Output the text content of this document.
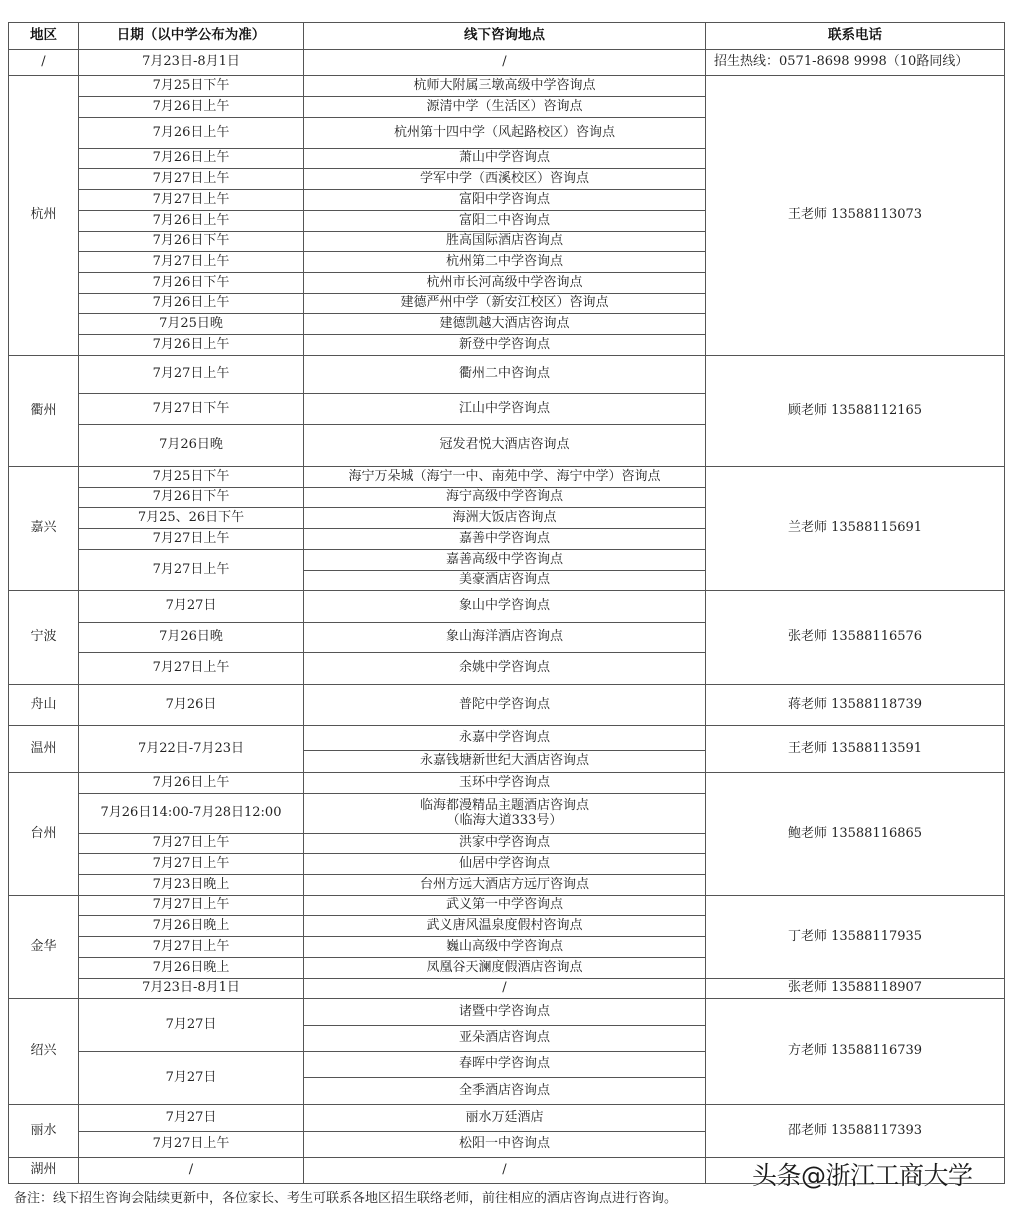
地区	日期（以中学公布为准）	线下咨询地点	联系电话
/	7月23日-8月1日	/	招生热线：0571-8698 9998（10路同线）
杭州	7月25日下午	杭师大附属三墩高级中学咨询点	王老师 13588113073
	7月26日上午	源清中学（生活区）咨询点	
	7月26日上午	杭州第十四中学（风起路校区）咨询点	
	7月26日上午	萧山中学咨询点	
	7月27日上午	学军中学（西溪校区）咨询点	
	7月27日上午	富阳中学咨询点	
	7月26日上午	富阳二中咨询点	
	7月26日下午	胜高国际酒店咨询点	
	7月27日上午	杭州第二中学咨询点	
	7月26日下午	杭州市长河高级中学咨询点	
	7月26日上午	建德严州中学（新安江校区）咨询点	
	7月25日晚	建德凯越大酒店咨询点	
	7月26日上午	新登中学咨询点	
衢州	7月27日上午	衢州二中咨询点	顾老师 13588112165
	7月27日下午	江山中学咨询点	
	7月26日晚	冠发君悦大酒店咨询点	
嘉兴	7月25日下午	海宁万朵城（海宁一中、南苑中学、海宁中学）咨询点	兰老师 13588115691
	7月26日下午	海宁高级中学咨询点	
	7月25、26日下午	海洲大饭店咨询点	
	7月27日上午	嘉善中学咨询点	
	7月27日上午	嘉善高级中学咨询点	
		美豪酒店咨询点	
宁波	7月27日	象山中学咨询点	张老师 13588116576
	7月26日晚	象山海洋酒店咨询点	
	7月27日上午	余姚中学咨询点	
舟山	7月26日	普陀中学咨询点	蒋老师 13588118739
温州	7月22日-7月23日	永嘉中学咨询点	王老师 13588113591
		永嘉钱塘新世纪大酒店咨询点	
台州	7月26日上午	玉环中学咨询点	鲍老师 13588116865
	7月26日14:00-7月28日12:00	临海都漫精品主题酒店咨询点
（临海大道333号）	

	7月27日上午	洪家中学咨询点	
	7月27日上午	仙居中学咨询点	
	7月23日晚上	台州方远大酒店方远厅咨询点	
金华	7月27日上午	武义第一中学咨询点	丁老师 13588117935
	7月26日晚上	武义唐风温泉度假村咨询点	
	7月27日上午	巍山高级中学咨询点	
	7月26日晚上	凤凰谷天澜度假酒店咨询点	
	7月23日-8月1日	/	张老师 13588118907
绍兴	7月27日	诸暨中学咨询点	方老师 13588116739
		亚朵酒店咨询点	
	7月27日	春晖中学咨询点	
		全季酒店咨询点	
丽水	7月27日	丽水万廷酒店	邵老师 13588117393
	7月27日上午	松阳一中咨询点	
湖州	/	/	
备注：线下招生咨询会陆续更新中，各位家长、考生可联系各地区招生联络老师，前往相应的酒店咨询点进行咨询。
头条@浙江工商大学
